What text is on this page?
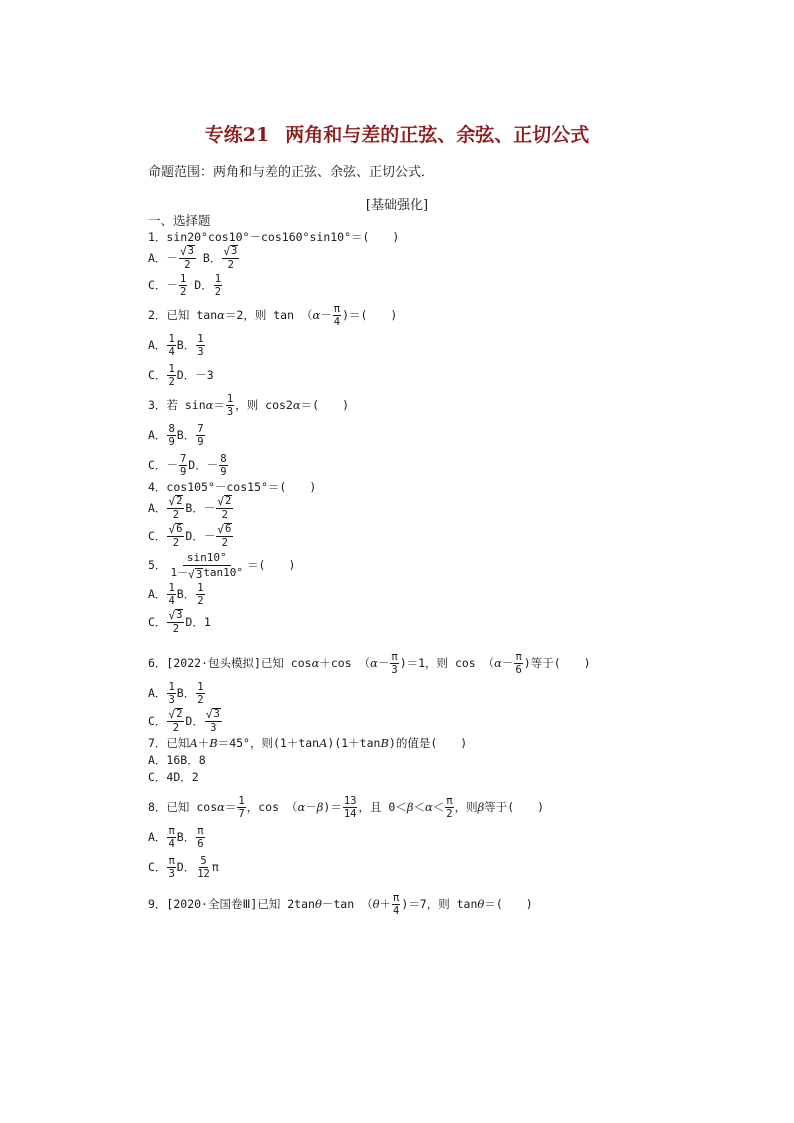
专练21 两角和与差的正弦、余弦、正切公式
命题范围：两角和与差的正弦、余弦、正切公式．
[基础强化]
一、选择题
1．sin20°cos10°－cos160°sin10°＝(　　)
A． － $\frac{√ 3}{2}$ B． $\frac{√ 3}{2}$
C． － $\frac{1}{2}$ D． $\frac{1}{2}$
2．已知 tan α ＝2，则 tan （ $\alpha - \frac{\pi}{4}$ )＝(　　)
A． $\frac{1}{4}$ B． $\frac{1}{3}$
C． $\frac{1}{2}$ D．－3
3．若 $\sin \alpha = \frac{1}{3}$ ，则 cos2 α ＝(　　)
A． $\frac{8}{9}$ B． $\frac{7}{9}$
C． － $\frac{7}{9}$ D． － $\frac{8}{9}$
4．cos105°－cos15°＝(　　)
A． $\frac{√ 2}{2}$ B． － $\frac{√ 2}{2}$
C． $\frac{√ 6}{2}$ D． － $\frac{√ 6}{2}$
5． $\frac{\sin 10^\circ}{1- √ 3 \tan 10^\circ}$ ＝(　　)
A． $\frac{1}{4}$ B． $\frac{1}{2}$
C． $\frac{√ 3}{2}$ D．1
6．[2022·包头模拟]已知 cos α ＋cos （ $\alpha - \frac{\pi}{3} )=1$，则 cos （ $\alpha - \frac{\pi}{6}$ )等于(　　)
A． $\frac{1}{3}$ B． $\frac{1}{2}$
C． $\frac{√ 2}{2}$ D． $\frac{√ 3}{3}$
7．已知 A ＋ B ＝45°，则(1＋tan A )(1＋tan B )的值是(　　)
A．16B．8
C．4D．2
8．已知 $\cos \alpha = \frac{1}{7}$ ，cos （ α － β )＝ $\frac{13}{14}$ ，且 $0< \beta < \alpha < \frac{\pi}{2}$ ，则 β 等于(　　)
A． $\frac{\pi}{4}$ B． $\frac{\pi}{6}$
C． $\frac{\pi}{3}$ D． $\frac{5}{12}$ π
9．[2020·全国卷Ⅲ]已知 2tan θ －tan （ $\theta + \frac{\pi}{4} )=7$，则 tan θ ＝(　　)
